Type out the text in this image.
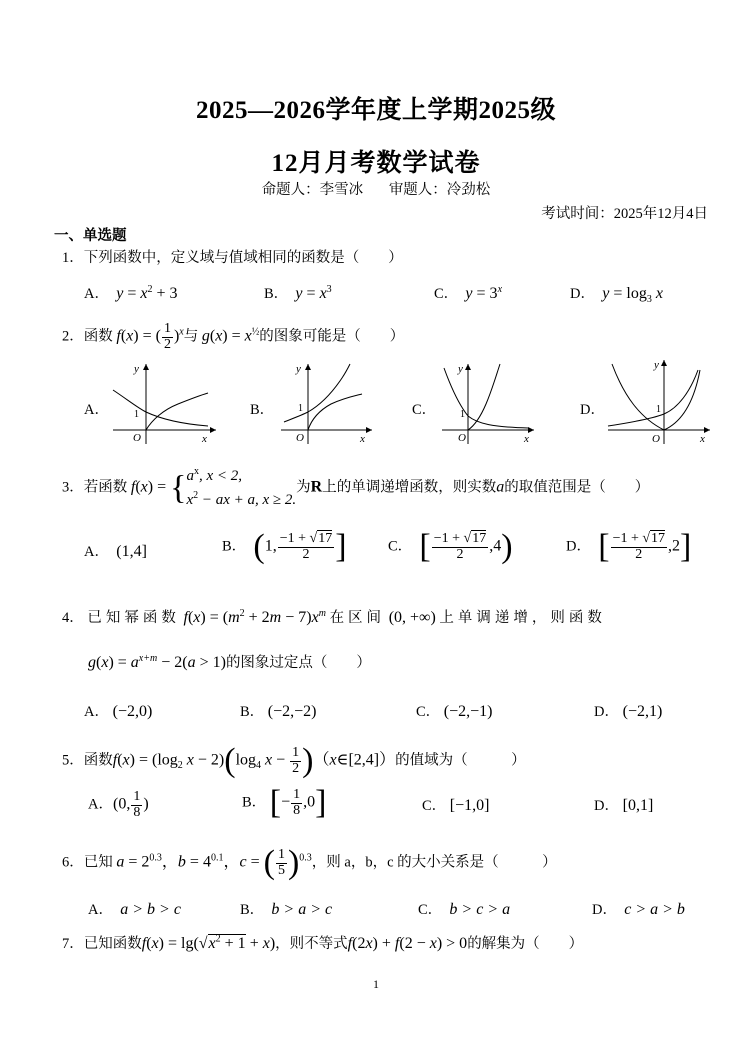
2025—2026学年度上学期2025级
12月月考数学试卷
命题人：李雪冰 审题人：冷劲松
考试时间：2025年12月4日
一、单选题
1．下列函数中，定义域与值域相同的函数是（　　）
A． $y = x^2 + 3$	B． $y = x^3$	C． $y = 3^x$	D． $y = \log_3 x$
2．函数 f(x) = ( $\frac{1}{2} )^x$与 $g(x) = x^{\frac{1}{2}}$的图象可能是（　　）
A．	B．	C．	D．
y
1
O	x
y
1
O	x
y
1
O	x
y
1
O	x
3．若函数 $f(x) = \{a^x$, x < 2,
$x^2$ − ax + a, x ≥ 2.为R上的单调递增函数，则实数a的取值范围是（　　）
A． (1,4]	B． (1, $\frac{-1 + √17}{2}$ ]	C． [ $\frac{-1 + √17}{2} ,4$)	D． [ $\frac{-1 + √17}{2} ,2$]
4． 已知幂函数 $f(x) = (m^2 + 2m - 7)x^m$ 在区间 (0, +∞) 上单调递增，则函数
$g(x) = a^{x+m} - 2(a > 1)$的图象过定点（　　）
A． (−2,0)	B． (−2,−2)	C． (−2,−1)	D． (−2,1)
5．函数$f(x) = (\log_2$ $x - 2)(\log_4$ $x - \frac{1}{2}$ )（x∈[2,4]）的值域为（　　　）
A．(0, $\frac{1}{8}$ )	B． [− $\frac{1}{8} ,0$]	C． [−1,0]	D． [0,1]
6．已知 $a = 2^{0.3}$，$b = 4^{0.1}$，c = ( $\frac{1}{5} )^{0.3}$，则 a，b，c 的大小关系是（　　　）
A． a > b > c	B． b > a > c	C． b > c > a	D． c > a > b
7．已知函数$f(x) = \lg(√x^2 + 1 + x)$，则不等式f(2x) + f(2 − x) > 0的解集为（　　）
1
